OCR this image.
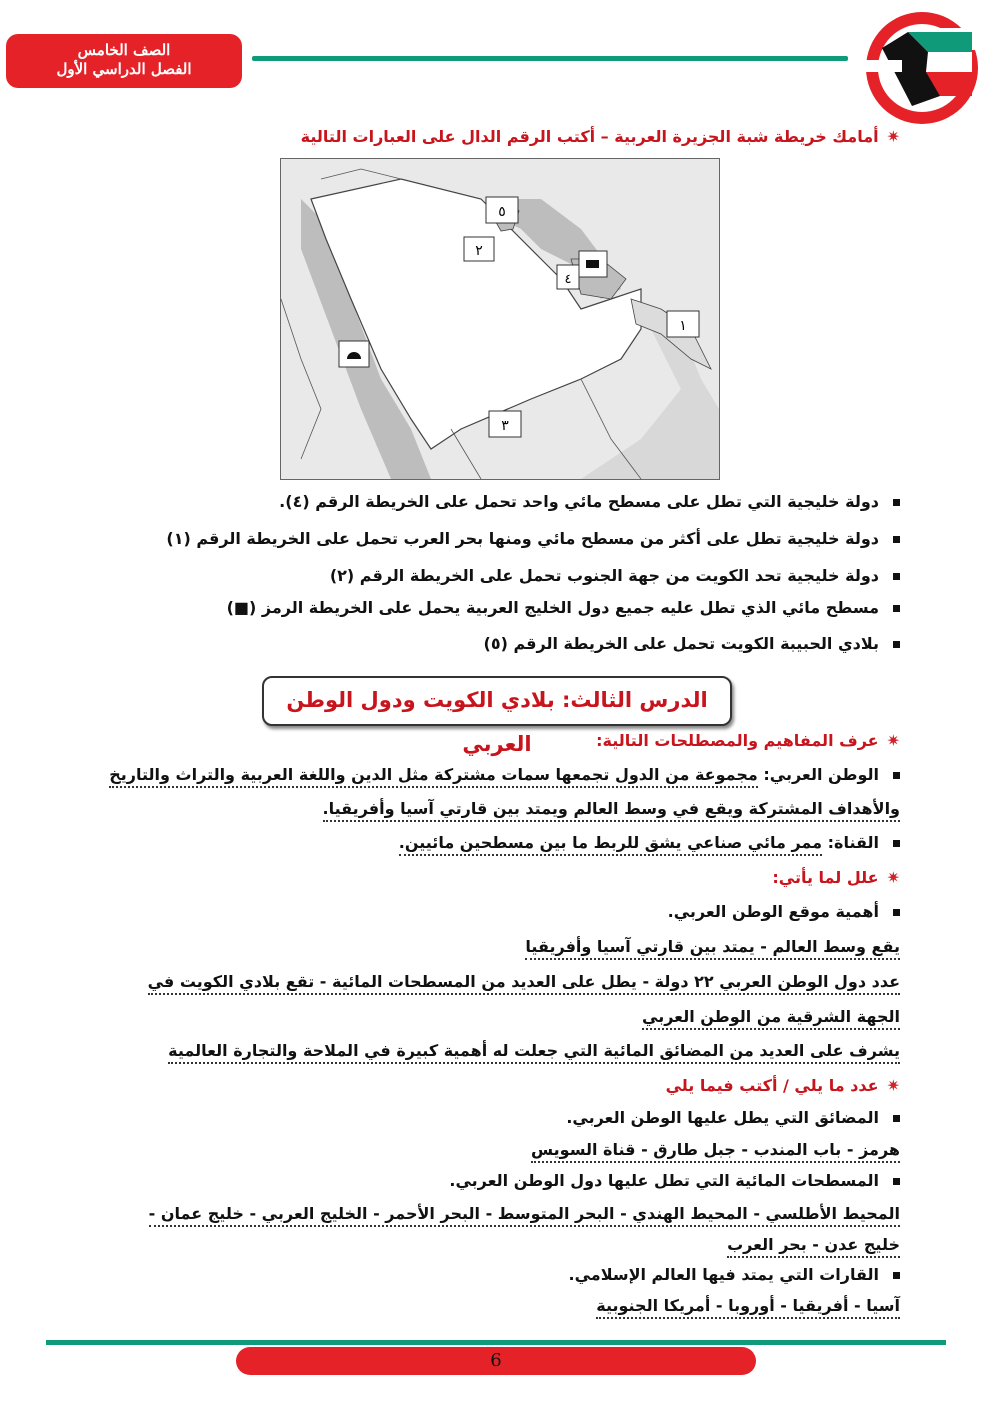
الصف الخامس
الفصل الدراسي الأول
✷أمامك خريطة شبة الجزيرة العربية – أكتب الرقم الدال على العبارات التالية
٥
٢
٤
١
٣
دولة خليجية التي تطل على مسطح مائي واحد تحمل على الخريطة الرقم (٤).
دولة خليجية تطل على أكثر من مسطح مائي ومنها بحر العرب تحمل على الخريطة الرقم (١)
دولة خليجية تحد الكويت من جهة الجنوب تحمل على الخريطة الرقم (٢)
مسطح مائي الذي تطل عليه جميع دول الخليج العربية يحمل على الخريطة الرمز (■)
بلادي الحبيبة الكويت تحمل على الخريطة الرقم (٥)
الدرس الثالث: بلادي الكويت ودول الوطن العربي	✷عرف المفاهيم والمصطلحات التالية:
الوطن العربي: مجموعة من الدول تجمعها سمات مشتركة مثل الدين واللغة العربية والتراث والتاريخ
والأهداف المشتركة ويقع في وسط العالم ويمتد بين قارتي آسيا وأفريقيا.
القناة: ممر مائي صناعي يشق للربط ما بين مسطحين مائيين.
✷علل لما يأتي:
أهمية موقع الوطن العربي.
يقع وسط العالم - يمتد بين قارتي آسيا وأفريقيا
عدد دول الوطن العربي ٢٢ دولة - يطل على العديد من المسطحات المائية - تقع بلادي الكويت في
الجهة الشرقية من الوطن العربي
يشرف على العديد من المضائق المائية التي جعلت له أهمية كبيرة في الملاحة والتجارة العالمية
✷عدد ما يلي / أكتب فيما يلي
المضائق التي يطل عليها الوطن العربي.
هرمز - باب المندب - جبل طارق - قناة السويس
المسطحات المائية التي تطل عليها دول الوطن العربي.
المحيط الأطلسي - المحيط الهندي - البحر المتوسط - البحر الأحمر - الخليج العربي - خليج عمان -
خليج عدن - بحر العرب
القارات التي يمتد فيها العالم الإسلامي.
آسيا - أفريقيا - أوروبا - أمريكا الجنوبية
6
